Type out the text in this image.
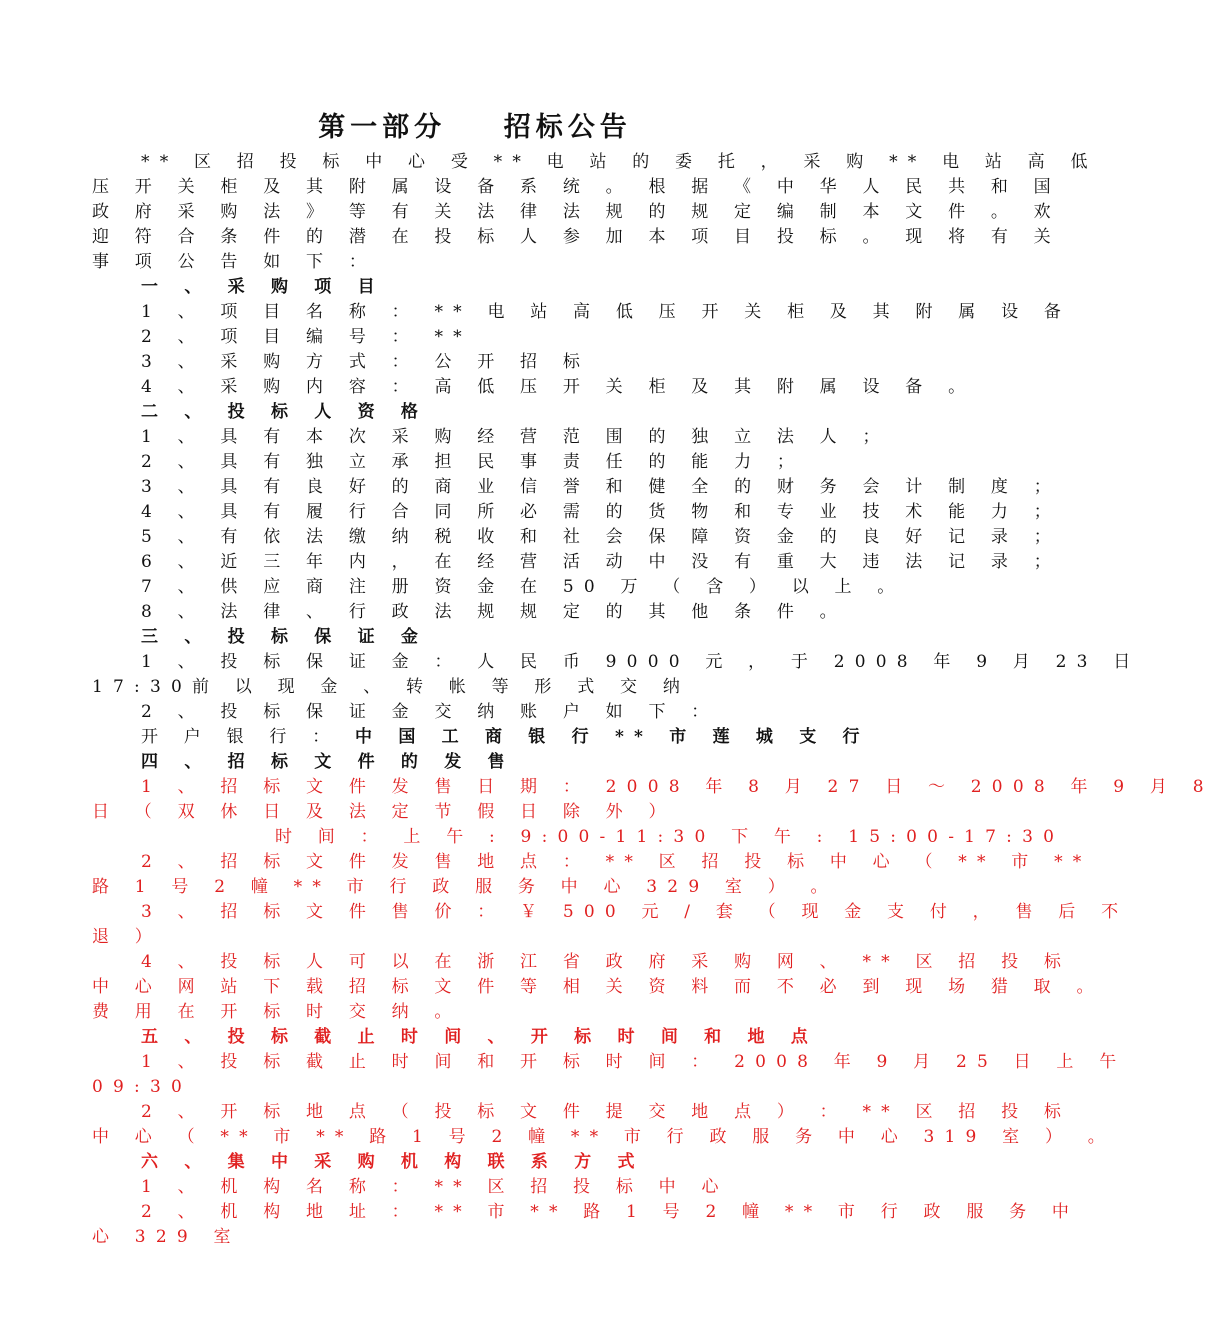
第一部分    招标公告
** 区 招 投 标 中 心 受 ** 电 站 的 委 托 ， 采 购 ** 电 站 高 低
压 开 关 柜 及 其 附 属 设 备 系 统 。 根 据 《 中 华 人 民 共 和 国
政 府 采 购 法 》 等 有 关 法 律 法 规 的 规 定 编 制 本 文 件 。 欢
迎 符 合 条 件 的 潜 在 投 标 人 参 加 本 项 目 投 标 。 现 将 有 关
事 项 公 告 如 下 ：
一 、 采 购 项 目
1 、 项 目 名 称 ： ** 电 站 高 低 压 开 关 柜 及 其 附 属 设 备
2 、 项 目 编 号 ： **
3 、 采 购 方 式 ： 公 开 招 标
4 、 采 购 内 容 ： 高 低 压 开 关 柜 及 其 附 属 设 备 。
二 、 投 标 人 资 格
1 、 具 有 本 次 采 购 经 营 范 围 的 独 立 法 人 ；
2 、 具 有 独 立 承 担 民 事 责 任 的 能 力 ；
3 、 具 有 良 好 的 商 业 信 誉 和 健 全 的 财 务 会 计 制 度 ；
4 、 具 有 履 行 合 同 所 必 需 的 货 物 和 专 业 技 术 能 力 ；
5 、 有 依 法 缴 纳 税 收 和 社 会 保 障 资 金 的 良 好 记 录 ；
6 、 近 三 年 内 ， 在 经 营 活 动 中 没 有 重 大 违 法 记 录 ；
7 、 供 应 商 注 册 资 金 在 50 万 （ 含 ） 以 上 。
8 、 法 律 、 行 政 法 规 规 定 的 其 他 条 件 。
三 、 投 标 保 证 金
1 、 投 标 保 证 金 ： 人 民 币 9000 元 ， 于 2008 年 9 月 23 日
17:30前 以 现 金 、 转 帐 等 形 式 交 纳
2 、 投 标 保 证 金 交 纳 账 户 如 下 ：
开 户 银 行 ： 中 国 工 商 银 行 ** 市 莲 城 支 行
四 、 招 标 文 件 的 发 售
1 、 招 标 文 件 发 售 日 期 ： 2008 年 8 月 27 日 ～ 2008 年 9 月 8
日 （ 双 休 日 及 法 定 节 假 日 除 外 ）
时 间 ： 上 午 : 9:00-11:30 下 午 : 15:00-17:30
2 、 招 标 文 件 发 售 地 点 ： ** 区 招 投 标 中 心 （ ** 市 **
路 1 号 2 幢 ** 市 行 政 服 务 中 心 329 室 ） 。
3 、 招 标 文 件 售 价 ： ￥ 500 元 / 套 （ 现 金 支 付 ， 售 后 不
退 ）
4 、 投 标 人 可 以 在 浙 江 省 政 府 采 购 网 、 ** 区 招 投 标
中 心 网 站 下 载 招 标 文 件 等 相 关 资 料 而 不 必 到 现 场 猎 取 。
费 用 在 开 标 时 交 纳 。
五 、 投 标 截 止 时 间 、 开 标 时 间 和 地 点
1 、 投 标 截 止 时 间 和 开 标 时 间 ： 2008 年 9 月 25 日 上 午
09:30
2 、 开 标 地 点 （ 投 标 文 件 提 交 地 点 ） ： ** 区 招 投 标
中 心 （ ** 市 ** 路 1 号 2 幢 ** 市 行 政 服 务 中 心 319 室 ） 。
六 、 集 中 采 购 机 构 联 系 方 式
1 、 机 构 名 称 ： ** 区 招 投 标 中 心
2 、 机 构 地 址 ： ** 市 ** 路 1 号 2 幢 ** 市 行 政 服 务 中
心 329 室
